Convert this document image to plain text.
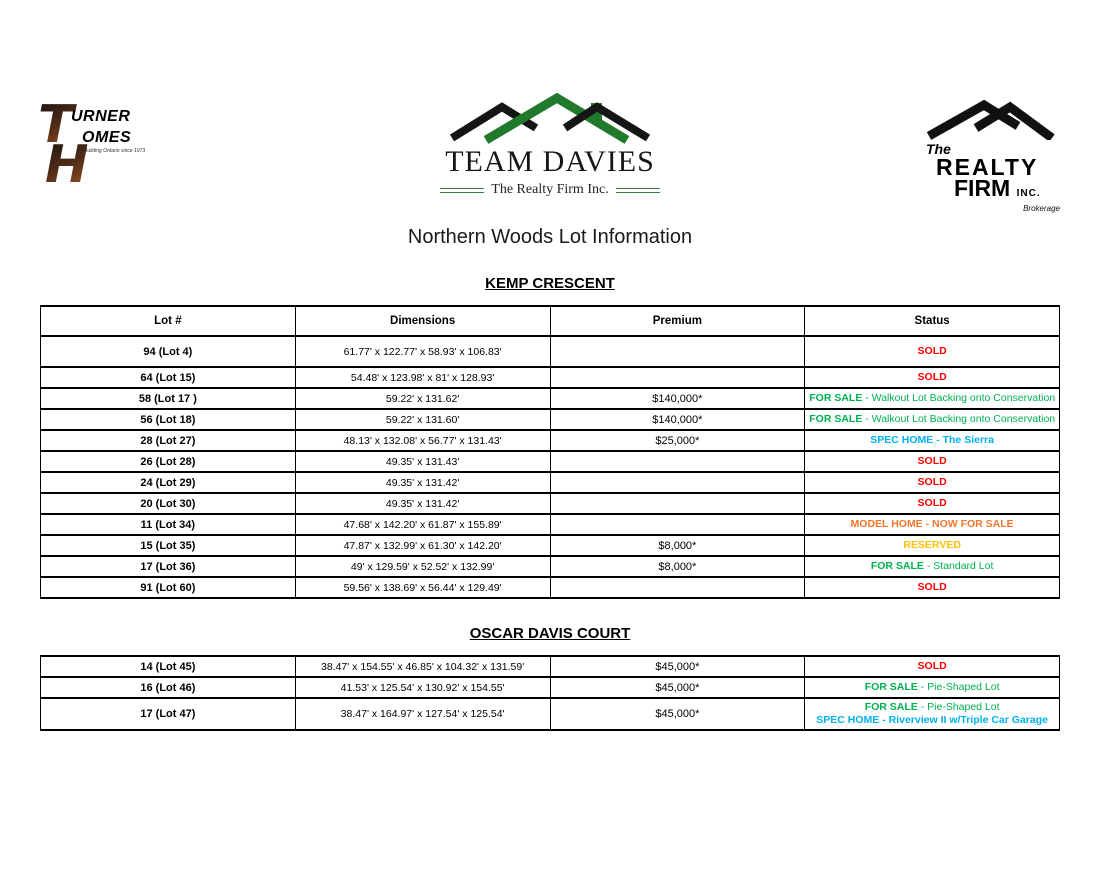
T
H
URNER
OMES
Building Ontario since 1973	TEAM DAVIES
The Realty Firm Inc.
The
REALTY
FIRM INC.
Brokerage
Northern Woods Lot Information
KEMP CRESCENT
Lot #	Dimensions	Premium	Status
94 (Lot 4)	61.77' x 122.77' x 58.93' x 106.83'		SOLD

64 (Lot 15)	54.48' x 123.98' x 81' x 128.93'		SOLD

58 (Lot 17 )	59.22' x 131.62'	$140,000*	FOR SALE - Walkout Lot Backing onto Conservation

56 (Lot 18)	59.22' x 131.60'	$140,000*	FOR SALE - Walkout Lot Backing onto Conservation

28 (Lot 27)	48.13' x 132.08' x 56.77' x 131.43'	$25,000*	SPEC HOME - The Sierra

26 (Lot 28)	49.35' x 131.43'		SOLD

24 (Lot 29)	49.35' x 131.42'		SOLD

20 (Lot 30)	49.35' x 131.42'		SOLD

11 (Lot 34)	47.68' x 142.20' x 61.87' x 155.89'		MODEL HOME - NOW FOR SALE

15 (Lot 35)	47.87' x 132.99' x 61.30' x 142.20'	$8,000*	RESERVED

17 (Lot 36)	49' x 129.59' x 52.52' x 132.99'	$8,000*	FOR SALE - Standard Lot

91 (Lot 60)	59.56' x 138.69' x 56.44' x 129.49'		SOLD
OSCAR DAVIS COURT
14 (Lot 45)	38.47' x 154.55' x 46.85' x 104.32' x 131.59'	$45,000*	SOLD

16 (Lot 46)	41.53' x 125.54' x 130.92' x 154.55'	$45,000*	FOR SALE - Pie-Shaped Lot

17 (Lot 47)	38.47' x 164.97' x 127.54' x 125.54'	$45,000*	FOR SALE - Pie-Shaped Lot
SPEC HOME - Riverview II w/Triple Car Garage
